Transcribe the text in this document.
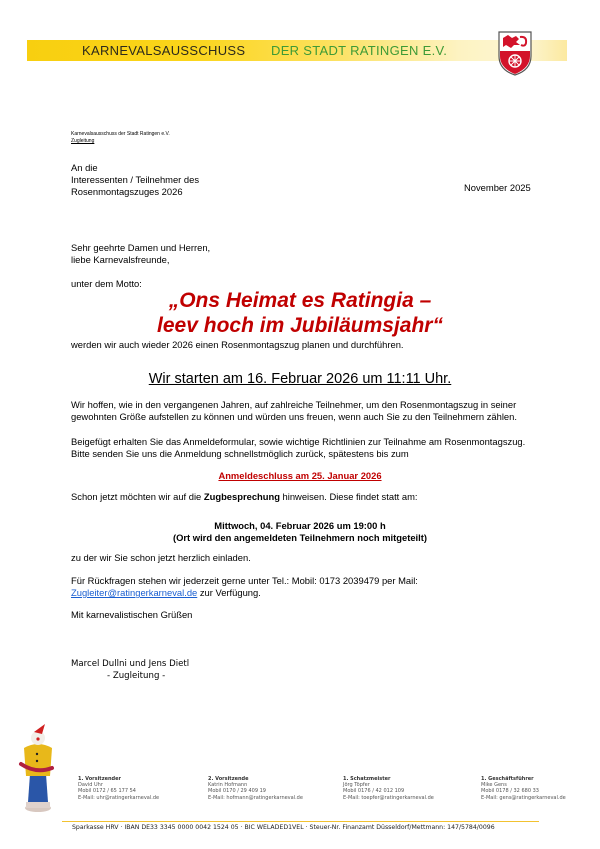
KARNEVALSAUSSCHUSS DER STADT RATINGEN E.V.
Karnevalsausschuss der Stadt Ratingen e.V.
Zugleitung
An die
Interessenten / Teilnehmer des
Rosenmontagszuges 2026	November 2025
Sehr geehrte Damen und Herren,
liebe Karnevalsfreunde,
unter dem Motto:
„Ons Heimat es Ratingia –
leev hoch im Jubiläumsjahr“
werden wir auch wieder 2026 einen Rosenmontagszug planen und durchführen.
Wir starten am 16. Februar 2026 um 11:11 Uhr.
Wir hoffen, wie in den vergangenen Jahren, auf zahlreiche Teilnehmer, um den Rosenmontagszug in seiner gewohnten Größe aufstellen zu können und würden uns freuen, wenn auch Sie zu den Teilnehmern zählen.
Beigefügt erhalten Sie das Anmeldeformular, sowie wichtige Richtlinien zur Teilnahme am Rosenmontagszug. Bitte senden Sie uns die Anmeldung schnellstmöglich zurück, spätestens bis zum
Anmeldeschluss am 25. Januar 2026
Schon jetzt möchten wir auf die Zugbesprechung hinweisen. Diese findet statt am:
Mittwoch, 04. Februar 2026 um 19:00 h
(Ort wird den angemeldeten Teilnehmern noch mitgeteilt)
zu der wir Sie schon jetzt herzlich einladen.
Für Rückfragen stehen wir jederzeit gerne unter Tel.: Mobil: 0173 2039479 per Mail:
Zugleiter@ratingerkarneval.de zur Verfügung.
Mit karnevalistischen Grüßen
Marcel Dullni und Jens Dietl
- Zugleitung -
1. Vorsitzender
David Uhr
Mobil 0172 / 65 177 54
E-Mail: uhr@ratingerkarneval.de
2. Vorsitzende
Katrin Hofmann
Mobil 0170 / 29 409 19
E-Mail: hofmann@ratingerkarneval.de
1. Schatzmeister
Jörg Töpfer
Mobil 0176 / 42 012 109
E-Mail: toepfer@ratingerkarneval.de
1. Geschäftsführer
Mike Gens
Mobil 0178 / 32 680 33
E-Mail: gens@ratingerkarneval.de
Sparkasse HRV · IBAN DE33 3345 0000 0042 1524 05 · BIC WELADED1VEL · Steuer-Nr. Finanzamt Düsseldorf/Mettmann: 147/5784/0096
